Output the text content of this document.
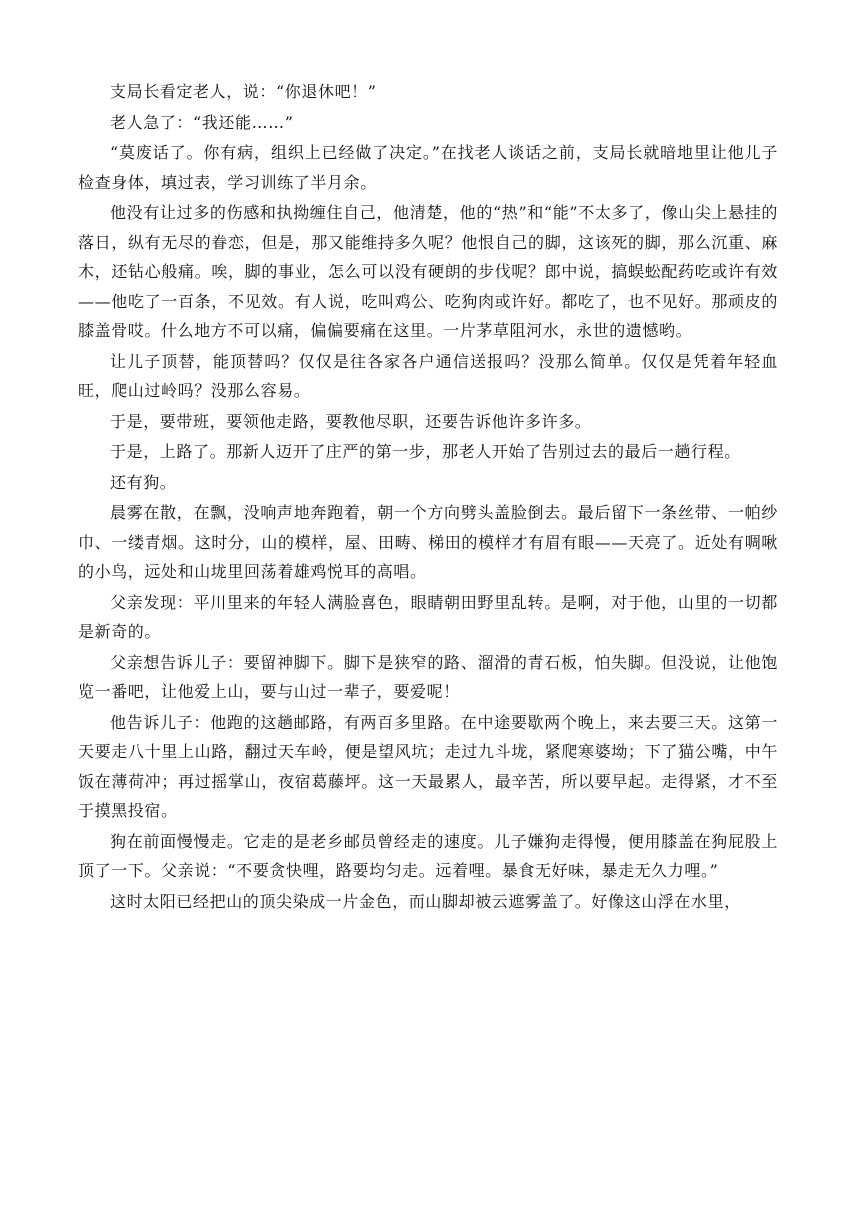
支局长看定老人，说：“你退休吧！”

老人急了：“我还能……”

“莫废话了。你有病，组织上已经做了决定。”在找老人谈话之前，支局长就暗地里让他儿子检查身体，填过表，学习训练了半月余。

他没有让过多的伤感和执拗缠住自己，他清楚，他的“热”和“能”不太多了，像山尖上悬挂的落日，纵有无尽的眷恋，但是，那又能维持多久呢？他恨自己的脚，这该死的脚，那么沉重、麻木，还钻心般痛。唉，脚的事业，怎么可以没有硬朗的步伐呢？郎中说，搞蜈蚣配药吃或许有效——他吃了一百条，不见效。有人说，吃叫鸡公、吃狗肉或许好。都吃了，也不见好。那顽皮的膝盖骨哎。什么地方不可以痛，偏偏要痛在这里。一片茅草阻河水，永世的遗憾哟。

让儿子顶替，能顶替吗？仅仅是往各家各户通信送报吗？没那么简单。仅仅是凭着年轻血旺，爬山过岭吗？没那么容易。

于是，要带班，要领他走路，要教他尽职，还要告诉他许多许多。

于是，上路了。那新人迈开了庄严的第一步，那老人开始了告别过去的最后一趟行程。

还有狗。

晨雾在散，在飘，没响声地奔跑着，朝一个方向劈头盖脸倒去。最后留下一条丝带、一帕纱巾、一缕青烟。这时分，山的模样，屋、田畴、梯田的模样才有眉有眼——天亮了。近处有啁啾的小鸟，远处和山垅里回荡着雄鸡悦耳的高唱。

父亲发现：平川里来的年轻人满脸喜色，眼睛朝田野里乱转。是啊，对于他，山里的一切都是新奇的。

父亲想告诉儿子：要留神脚下。脚下是狭窄的路、溜滑的青石板，怕失脚。但没说，让他饱览一番吧，让他爱上山，要与山过一辈子，要爱呢！

他告诉儿子：他跑的这趟邮路，有两百多里路。在中途要歇两个晚上，来去要三天。这第一天要走八十里上山路，翻过天车岭，便是望风坑；走过九斗垅，紧爬寒婆坳；下了猫公嘴，中午饭在薄荷冲；再过摇掌山，夜宿葛藤坪。这一天最累人，最辛苦，所以要早起。走得紧，才不至于摸黑投宿。

狗在前面慢慢走。它走的是老乡邮员曾经走的速度。儿子嫌狗走得慢，便用膝盖在狗屁股上顶了一下。父亲说：“不要贪快哩，路要均匀走。远着哩。暴食无好味，暴走无久力哩。”

这时太阳已经把山的顶尖染成一片金色，而山脚却被云遮雾盖了。好像这山浮在水里，
